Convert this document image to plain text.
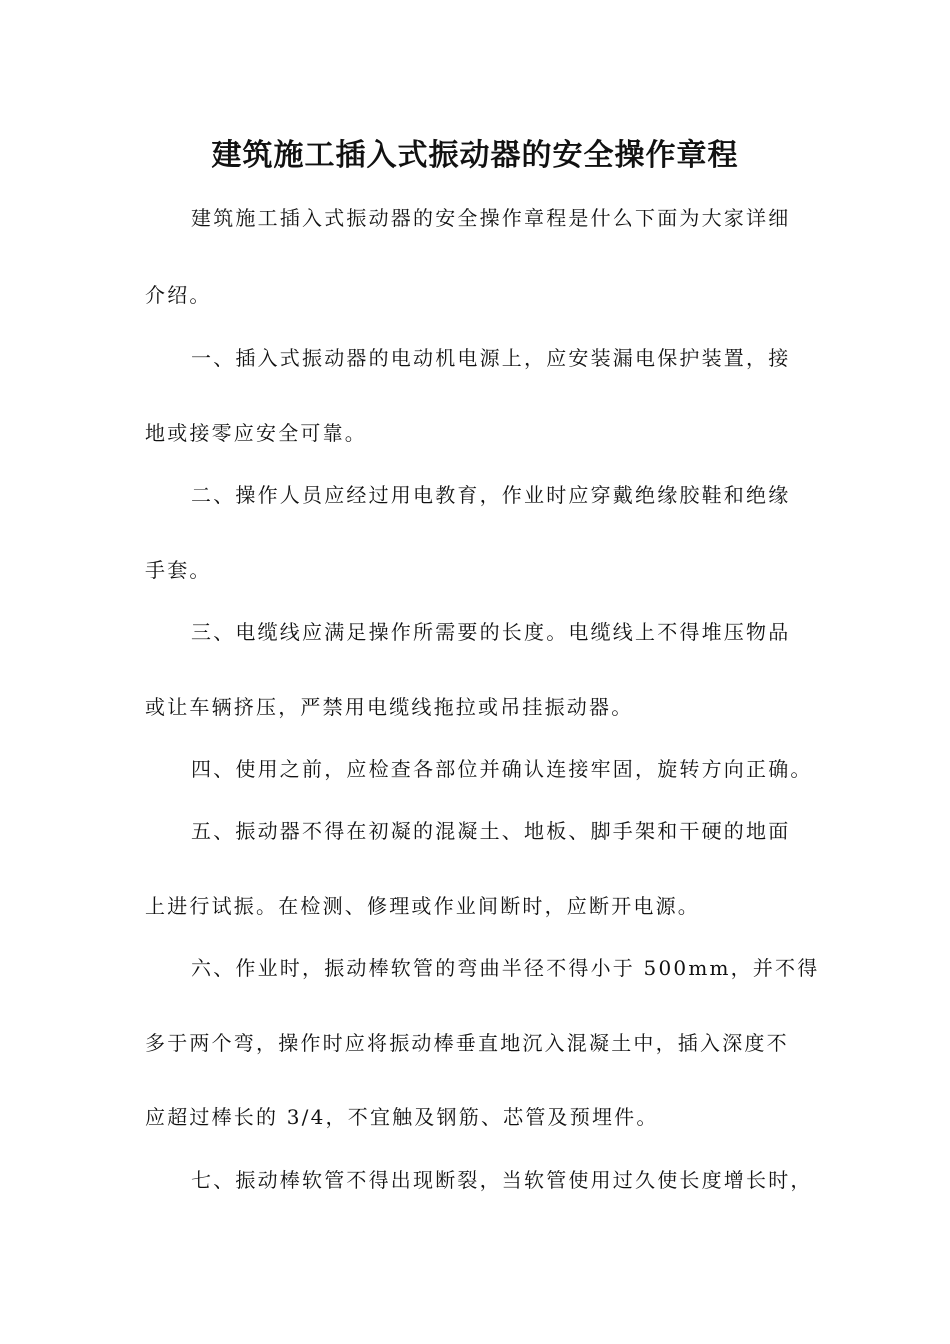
建筑施工插入式振动器的安全操作章程
建筑施工插入式振动器的安全操作章程是什么下面为大家详细
介绍。
一、插入式振动器的电动机电源上，应安装漏电保护装置，接
地或接零应安全可靠。
二、操作人员应经过用电教育，作业时应穿戴绝缘胶鞋和绝缘
手套。
三、电缆线应满足操作所需要的长度。电缆线上不得堆压物品
或让车辆挤压，严禁用电缆线拖拉或吊挂振动器。
四、使用之前，应检查各部位并确认连接牢固，旋转方向正确。
五、振动器不得在初凝的混凝土、地板、脚手架和干硬的地面
上进行试振。在检测、修理或作业间断时，应断开电源。
六、作业时，振动棒软管的弯曲半径不得小于 500mm，并不得
多于两个弯，操作时应将振动棒垂直地沉入混凝土中，插入深度不
应超过棒长的 3/4，不宜触及钢筋、芯管及预埋件。
七、振动棒软管不得出现断裂，当软管使用过久使长度增长时，
